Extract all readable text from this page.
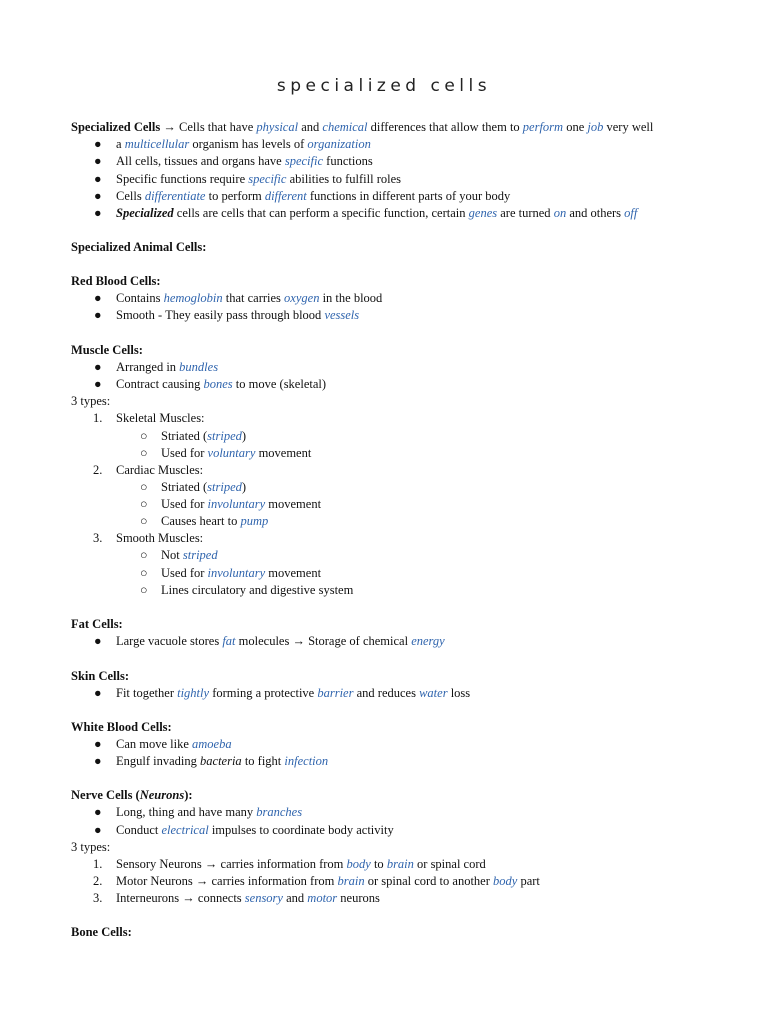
specialized cells
Specialized Cells → Cells that have physical and chemical differences that allow them to perform one job very well
●	a multicellular organism has levels of organization
●	All cells, tissues and organs have specific functions
●	Specific functions require specific abilities to fulfill roles
●	Cells differentiate to perform different functions in different parts of your body
●	Specialized cells are cells that can perform a specific function, certain genes are turned on and others off
Specialized Animal Cells:
Red Blood Cells:
●	Contains hemoglobin that carries oxygen in the blood
●	Smooth - They easily pass through blood vessels
Muscle Cells:
●	Arranged in bundles
●	Contract causing bones to move (skeletal)
3 types:
1.	Skeletal Muscles:
○	Striated (striped)
○	Used for voluntary movement
2.	Cardiac Muscles:
○	Striated (striped)
○	Used for involuntary movement
○	Causes heart to pump
3.	Smooth Muscles:
○	Not striped
○	Used for involuntary movement
○	Lines circulatory and digestive system
Fat Cells:
●	Large vacuole stores fat molecules → Storage of chemical energy
Skin Cells:
●	Fit together tightly forming a protective barrier and reduces water loss
White Blood Cells:
●	Can move like amoeba
●	Engulf invading bacteria to fight infection
Nerve Cells (Neurons):
●	Long, thing and have many branches
●	Conduct electrical impulses to coordinate body activity
3 types:
1.	Sensory Neurons → carries information from body to brain or spinal cord
2.	Motor Neurons → carries information from brain or spinal cord to another body part
3.	Interneurons → connects sensory and motor neurons
Bone Cells:
